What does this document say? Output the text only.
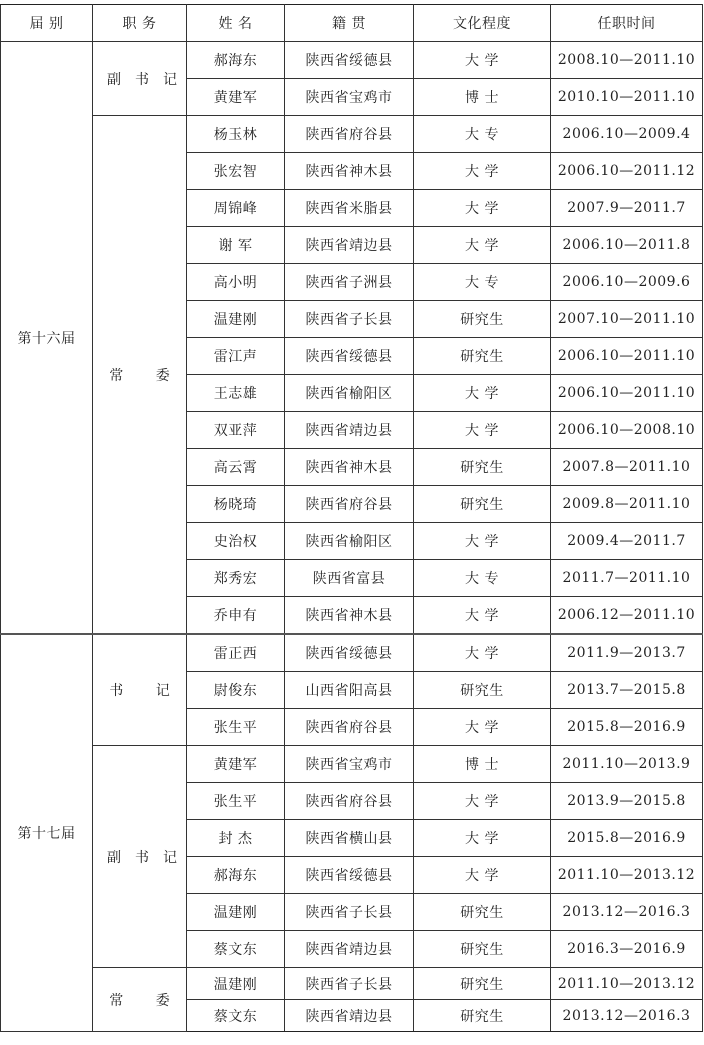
届 别	职 务	姓 名	籍 贯	文化程度	任职时间
第十六届	副书记	郝海东	陕西省绥德县	大 学	2008.10—2011.10
		黄建军	陕西省宝鸡市	博 士	2010.10—2011.10
	常 委	杨玉林	陕西省府谷县	大 专	2006.10—2009.4
		张宏智	陕西省神木县	大 学	2006.10—2011.12
		周锦峰	陕西省米脂县	大 学	2007.9—2011.7
		谢 军	陕西省靖边县	大 学	2006.10—2011.8
		高小明	陕西省子洲县	大 专	2006.10—2009.6
		温建刚	陕西省子长县	研究生	2007.10—2011.10
		雷江声	陕西省绥德县	研究生	2006.10—2011.10
		王志雄	陕西省榆阳区	大 学	2006.10—2011.10
		双亚萍	陕西省靖边县	大 学	2006.10—2008.10
		高云霄	陕西省神木县	研究生	2007.8—2011.10
		杨晓琦	陕西省府谷县	研究生	2009.8—2011.10
		史治权	陕西省榆阳区	大 学	2009.4—2011.7
		郑秀宏	陕西省富县	大 专	2011.7—2011.10
		乔申有	陕西省神木县	大 学	2006.12—2011.10
第十七届	书 记	雷正西	陕西省绥德县	大 学	2011.9—2013.7
		尉俊东	山西省阳高县	研究生	2013.7—2015.8
		张生平	陕西省府谷县	大 学	2015.8—2016.9
	副书记	黄建军	陕西省宝鸡市	博 士	2011.10—2013.9
		张生平	陕西省府谷县	大 学	2013.9—2015.8
		封 杰	陕西省横山县	大 学	2015.8—2016.9
		郝海东	陕西省绥德县	大 学	2011.10—2013.12
		温建刚	陕西省子长县	研究生	2013.12—2016.3
		蔡文东	陕西省靖边县	研究生	2016.3—2016.9
	常 委	温建刚	陕西省子长县	研究生	2011.10—2013.12
		蔡文东	陕西省靖边县	研究生	2013.12—2016.3
